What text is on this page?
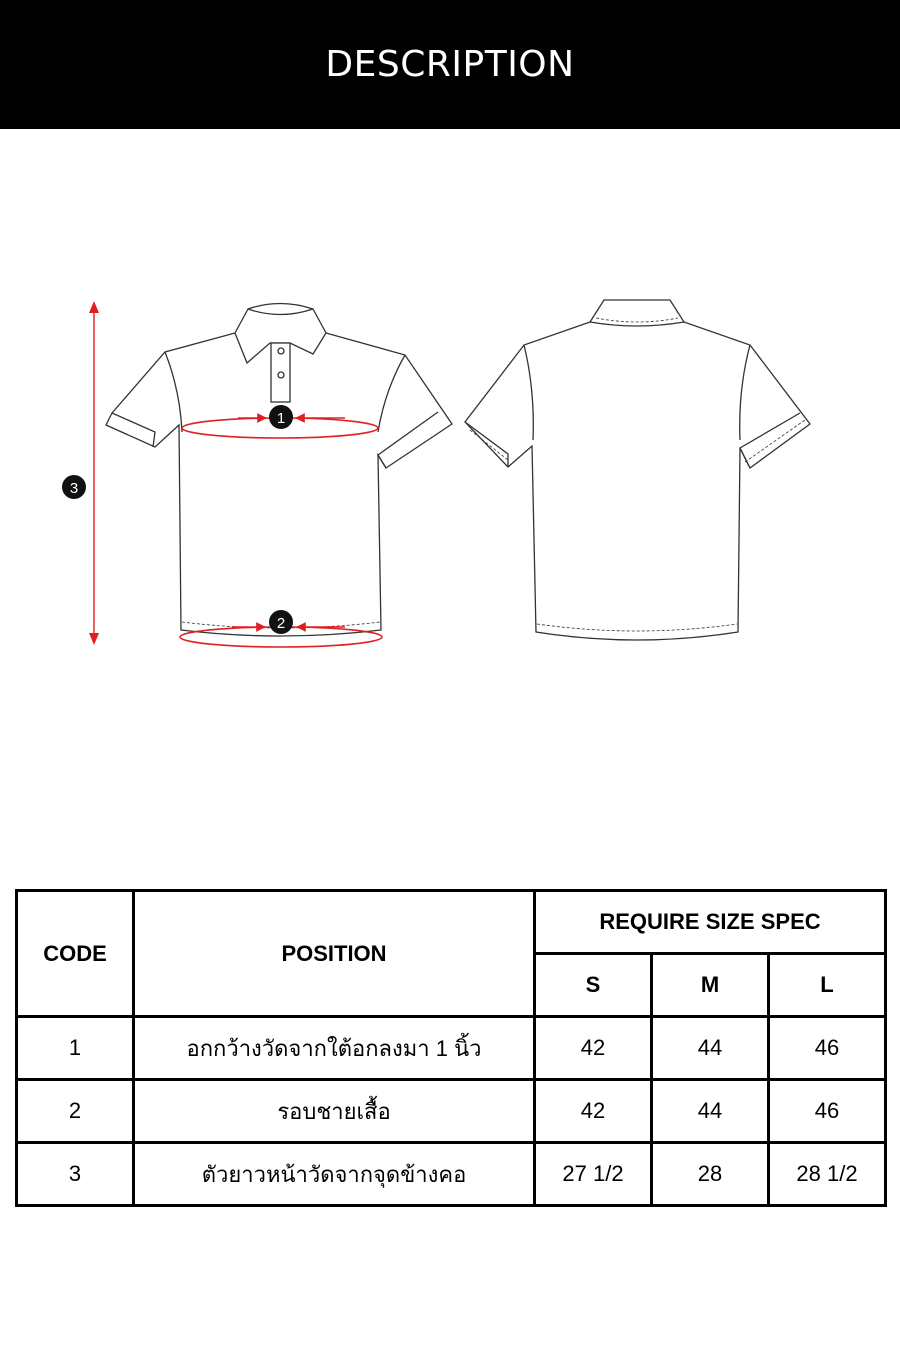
DESCRIPTION
1
2
3
CODE	POSITION	REQUIRE SIZE SPEC		
		S	M	L
1	อกกว้างวัดจากใต้อกลงมา 1 นิ้ว	42	44	46
2	รอบชายเสื้อ	42	44	46
3	ตัวยาวหน้าวัดจากจุดข้างคอ	27 1/2	28	28 1/2
